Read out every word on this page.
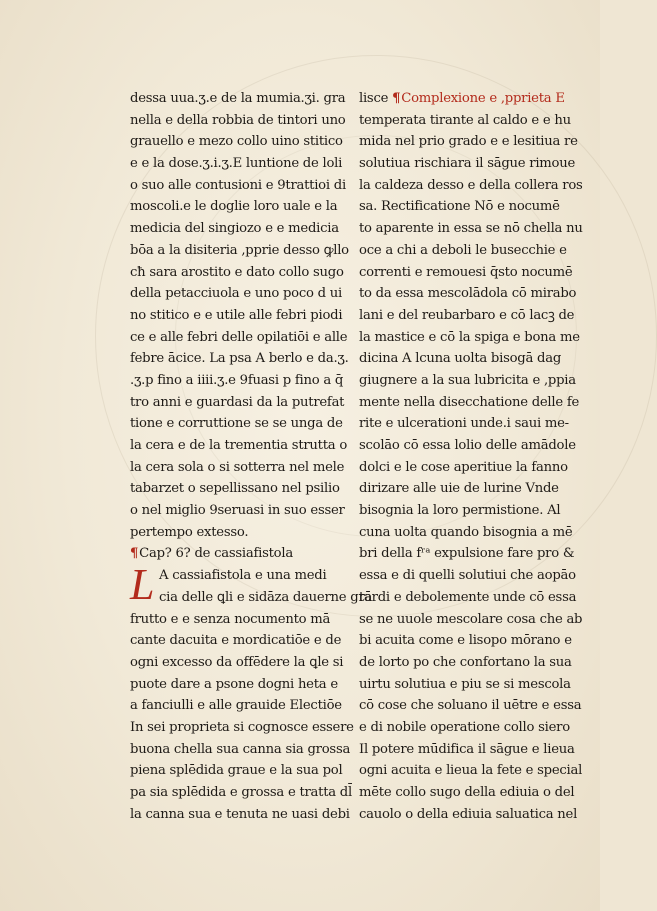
dessa uua.ʒ.e de la mumia.ʒi. gra
nella e della robbia de tintori uno
grauello e mezo collo uino stitico
e e la dose.ʒ.i.ʒ.E luntione de loli
o suo alle contusioni e 9trattioi di
moscoli.e le doglie loro uale e la
medicia del singiozo e e medicia
bōa a la disiteria ,pprie desso ꝙllo
cħ sara arostito e dato collo sugo
della petacciuola e uno poco d ui
no stitico e e utile alle febri piodi
ce e alle febri delle opilatiōi e alle
febre ācice. La psa A berlo e da.ʒ.
.ʒ.p fino a iiii.ʒ.e 9fuasi p fino a q̄
tro anni e guardasi da la putrefat
tione e corruttione se se unga de
la cera e de la trementia strutta o
la cera sola o si sotterra nel mele
tabarzet o sepellissano nel psilio
o nel miglio 9seruasi in suo esser
pertempo extesso.
¶Cap? 6? de cassiafistola
L A cassiafistola e una medi
cia delle ꝗli e sidāza dauerne grā
frutto e e senza nocumento mā
cante dacuita e mordicatiōe e de
ogni excesso da offēdere la ꝗle si
puote dare a psone dogni heta e
a fanciulli e alle grauide Electiōe
In sei proprieta si cognosce essere
buona chella sua canna sia grossa
piena splēdida graue e la sua pol
pa sia splēdida e grossa e tratta dl̄
la canna sua e tenuta ne uasi debi
lisce ¶Complexione e ,pprieta E
temperata tirante al caldo e e hu
mida nel prio grado e e lesitiua re
solutiua rischiara il sāgue rimoue
la caldeza desso e della collera ros
sa. Rectificatione Nō e nocumē
to aparente in essa se nō chella nu
oce a chi a deboli le busecchie e
correnti e remouesi q̄sto nocumē
to da essa mescolādola cō mirabo
lani e del reubarbaro e cō lacꝫ de
la mastice e cō la spiga e bona me
dicina A lcuna uolta bisogā dag
giugnere a la sua lubricita e ,ppia
mente nella disecchatione delle fe
rite e ulcerationi unde.i saui me-
scolāo cō essa lolio delle amādole
dolci e le cose aperitiue la fanno
dirizare alle uie de lurine Vnde
bisognia la loro permistione. Al
cuna uolta quando bisognia a mē
bri della fʳᵃ expulsione fare pro &
essa e di quelli solutiui che aopāo
tardi e debolemente unde cō essa
se ne uuole mescolare cosa che ab
bi acuita come e lisopo mōrano e
de lorto po che confortano la sua
uirtu solutiua e piu se si mescola
cō cose che soluano il uētre e essa
e di nobile operatione collo siero
Il potere mūdifica il sāgue e lieua
ogni acuita e lieua la fete e special
mēte collo sugo della ediuia o del
cauolo o della ediuia saluatica nel
